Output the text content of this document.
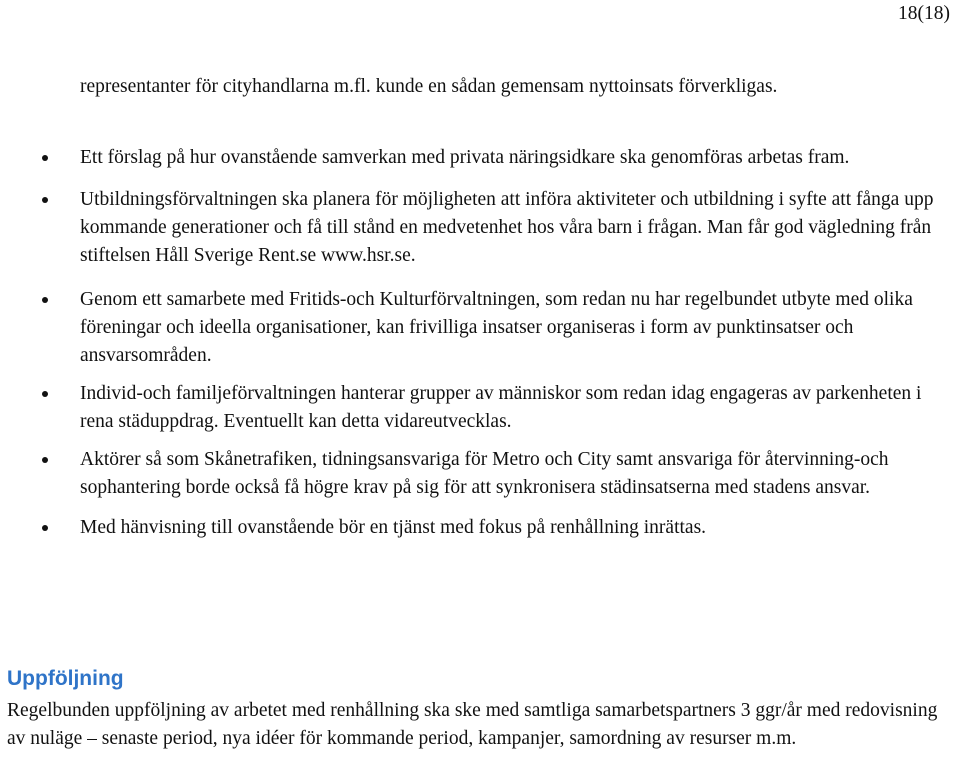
18(18)

representanter för cityhandlarna m.fl. kunde en sådan gemensam nyttoinsats förverkligas.

Ett förslag på hur ovanstående samverkan med privata näringsidkare ska genomföras arbetas fram.
Utbildningsförvaltningen ska planera för möjligheten att införa aktiviteter och utbildning i syfte att fånga upp kommande generationer och få till stånd en medvetenhet hos våra barn i frågan. Man får god vägledning från stiftelsen Håll Sverige Rent.se www.hsr.se.
Genom ett samarbete med Fritids-och Kulturförvaltningen, som redan nu har regelbundet utbyte med olika föreningar och ideella organisationer, kan frivilliga insatser organiseras i form av punktinsatser och ansvarsområden.
Individ-och familjeförvaltningen hanterar grupper av människor som redan idag engageras av parkenheten i rena städuppdrag. Eventuellt kan detta vidareutvecklas.
Aktörer så som Skånetrafiken, tidningsansvariga för Metro och City samt ansvariga för återvinning-och sophantering borde också få högre krav på sig för att synkronisera städinsatserna med stadens ansvar.
Med hänvisning till ovanstående bör en tjänst med fokus på renhållning inrättas.
Uppföljning

Regelbunden uppföljning av arbetet med renhållning ska ske med samtliga samarbetspartners 3 ggr/år med redovisning av nuläge – senaste period, nya idéer för kommande period, kampanjer, samordning av resurser m.m.
